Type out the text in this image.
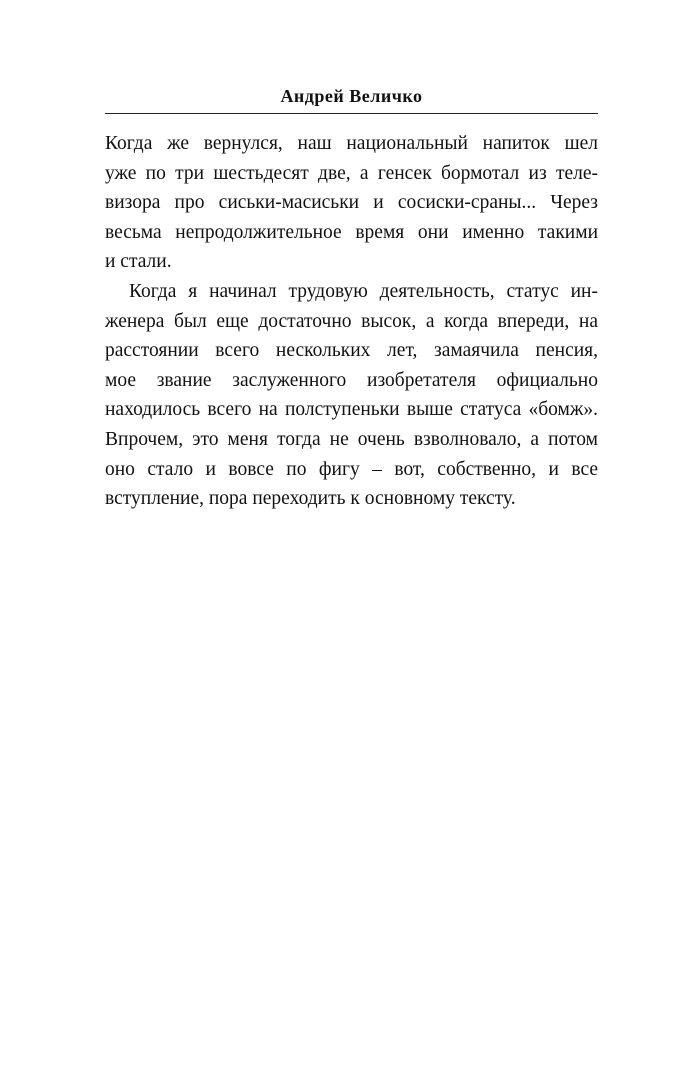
Андрей Величко
Когда же вернулся, наш национальный напиток шел
уже по три шестьдесят две, а генсек бормотал из теле-
визора про сиськи-масиськи и сосиски-сраны... Через
весьма непродолжительное время они именно такими
и стали.
Когда я начинал трудовую деятельность, статус ин-
женера был еще достаточно высок, а когда впереди, на
расстоянии всего нескольких лет, замаячила пенсия,
мое звание заслуженного изобретателя официально
находилось всего на полступеньки выше статуса «бомж».
Впрочем, это меня тогда не очень взволновало, а потом
оно стало и вовсе по фигу – вот, собственно, и все
вступление, пора переходить к основному тексту.
